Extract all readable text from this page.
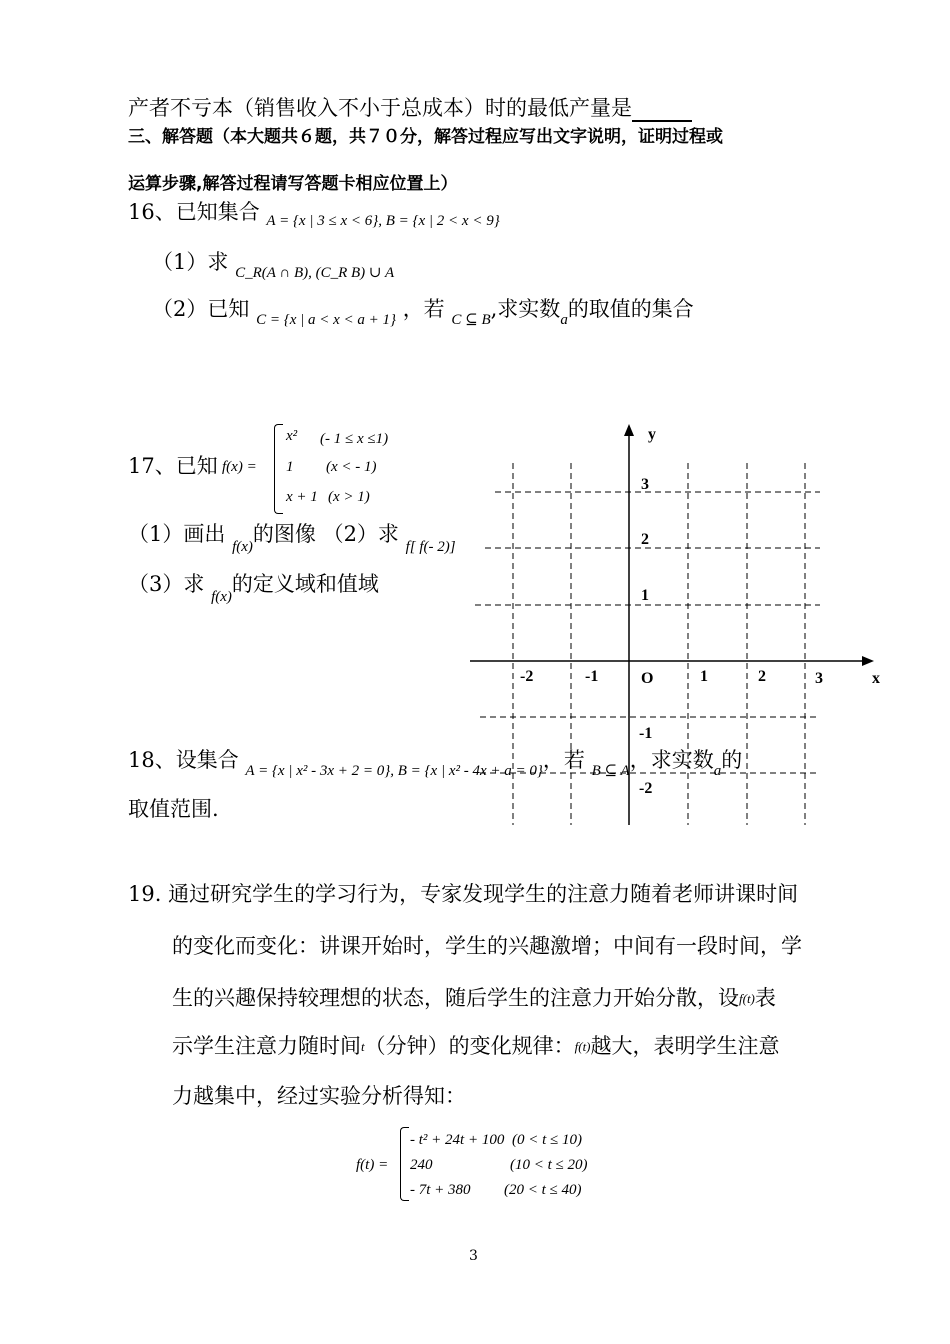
产者不亏本（销售收入不小于总成本）时的最低产量是
三、解答题（本大题共６题，共７０分，解答过程应写出文字说明，证明过程或
运算步骤,解答过程请写答题卡相应位置上）
16、已知集合 $_{A = \{x | 3 \le x < 6\}, B = \{x | 2 < x < 9\}}$
（1）求 $_{C\_R(A \cap B), (C\_R B) \cup A}$
（2）已知 $_{C = \{x | a < x < a + 1\}}$ ，若 $_{C ⊆ B}$,求实数$_a$的取值的集合
x
y
O
-2	-1	1	2	3
3
2
1
-1
-2
17、已知 f(x) =
x² (- 1 ≤ x ≤1)
1 (x < - 1)
x + 1 (x > 1)
（1）画出 $_{f(x)}$的图像 （2）求 $_{f[ f(- 2)]}$
（3）求 $_{f(x)}$的定义域和值域
18、设集合 $_{A = \{x | x^2 - 3x + 2 = 0\}, B = \{x | x^2 - 4x + a = 0\}}$，若 $_{B ⊆ A}$，求实数$_a$的
取值范围.
19. 通过研究学生的学习行为，专家发现学生的注意力随着老师讲课时间
的变化而变化：讲课开始时，学生的兴趣激增；中间有一段时间，学
生的兴趣保持较理想的状态，随后学生的注意力开始分散，设f(t)表
示学生注意力随时间t（分钟）的变化规律：f(t)越大，表明学生注意
力越集中，经过实验分析得知：
f(t) =
- t² + 24t + 100 (0 < t ≤ 10)
240	(10 < t ≤ 20)
- 7t + 380 (20 < t ≤ 40)
3
